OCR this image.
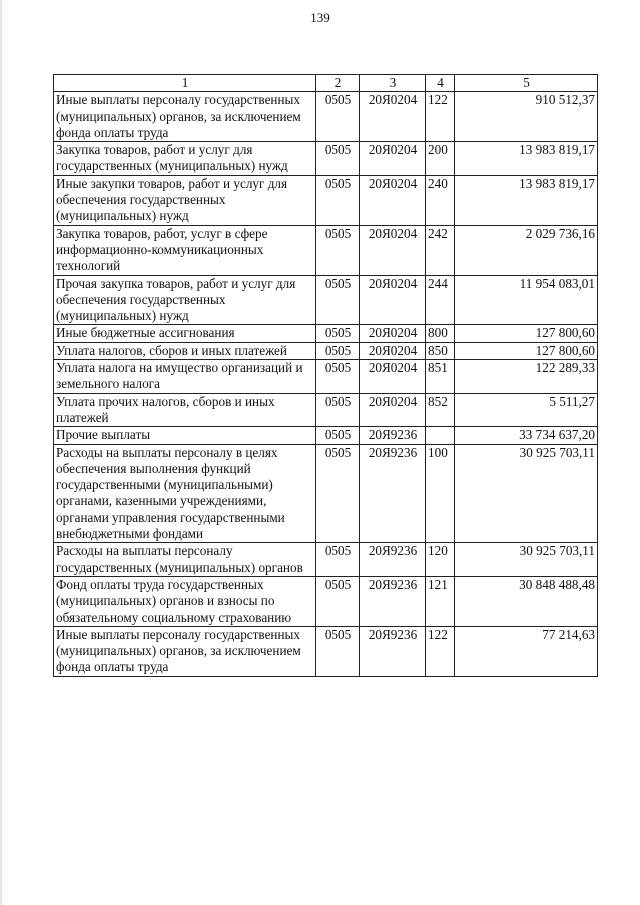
139
1	2	3	4	5
Иные выплаты персоналу государственных (муниципальных) органов, за исключением фонда оплаты труда	0505	20Я0204	122	910 512,37
Закупка товаров, работ и услуг для государственных (муниципальных) нужд	0505	20Я0204	200	13 983 819,17
Иные закупки товаров, работ и услуг для обеспечения государственных (муниципальных) нужд	0505	20Я0204	240	13 983 819,17
Закупка товаров, работ, услуг в сфере информационно-коммуникационных технологий	0505	20Я0204	242	2 029 736,16
Прочая закупка товаров, работ и услуг для обеспечения государственных (муниципальных) нужд	0505	20Я0204	244	11 954 083,01
Иные бюджетные ассигнования	0505	20Я0204	800	127 800,60
Уплата налогов, сборов и иных платежей	0505	20Я0204	850	127 800,60
Уплата налога на имущество организаций и земельного налога	0505	20Я0204	851	122 289,33
Уплата прочих налогов, сборов и иных платежей	0505	20Я0204	852	5 511,27
Прочие выплаты	0505	20Я9236		33 734 637,20
Расходы на выплаты персоналу в целях обеспечения выполнения функций государственными (муниципальными) органами, казенными учреждениями, органами управления государственными внебюджетными фондами	0505	20Я9236	100	30 925 703,11
Расходы на выплаты персоналу государственных (муниципальных) органов	0505	20Я9236	120	30 925 703,11
Фонд оплаты труда государственных (муниципальных) органов и взносы по обязательному социальному страхованию	0505	20Я9236	121	30 848 488,48
Иные выплаты персоналу государственных (муниципальных) органов, за исключением фонда оплаты труда	0505	20Я9236	122	77 214,63
